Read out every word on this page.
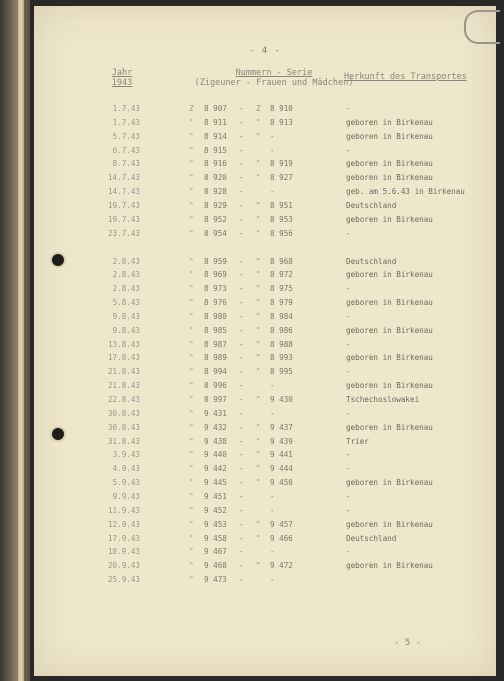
- 4 -
Jahr
1943
Nummern - Serie
(Zigeuner - Frauen und Mädchen)
Herkunft des Transportes
1.7.43	Z 8 907 - Z 8 910	-
1.7.43	" 8 911 - " 8 913	geboren in Birkenau
5.7.43	" 8 914 - " -	geboren in Birkenau
6.7.43	" 8 915 -	-	-
8.7.43	" 8 916 - " 8 919	geboren in Birkenau
14.7.43	" 8 920 - " 8 927	geboren in Birkenau
14.7.43	" 8 928 -	-	geb. am 5.6.43 in Birkenau
19.7.43	" 8 929 - " 8 951	Deutschland
19.7.43	" 8 952 - " 8 953	geboren in Birkenau
23.7.43	" 8 954 - " 8 956	-
2.8.43	" 8 959 - " 8 968	Deutschland
2.8.43	" 8 969 - " 8 972	geboren in Birkenau
2.8.43	" 8 973 - " 8 975	-
5.8.43	" 8 976 - " 8 979	geboren in Birkenau
9.8.43	" 8 980 - " 8 984	-
9.8.43	" 8 985 - " 8 986	geboren in Birkenau
13.8.43	" 8 987 - " 8 988	-
17.8.43	" 8 989 - " 8 993	geboren in Birkenau
21.8.43	" 8 994 - " 8 995	-
21.8.43	" 8 996 -	-	geboren in Birkenau
22.8.43	" 8 997 - " 9 430	Tschechoslowakei
30.8.43	" 9 431 -	-	-
30.8.43	" 9 432 - " 9 437	geboren in Birkenau
31.8.43	" 9 438 - " 9 439	Trier
3.9.43	" 9 440 - " 9 441	-
4.9.43	" 9 442 - " 9 444	-
5.9.43	" 9 445 - " 9 450	geboren in Birkenau
9.9.43	" 9 451 -	-	-
11.9.43	" 9 452 -	-	-
12.9.43	" 9 453 - " 9 457	geboren in Birkenau
17.9.43	" 9 458 - " 9 466	Deutschland
18.9.43	" 9 467 -	-	-
20.9.43	" 9 468 - " 9 472	geboren in Birkenau
25.9.43	" 9 473 -	-
- 5 -
